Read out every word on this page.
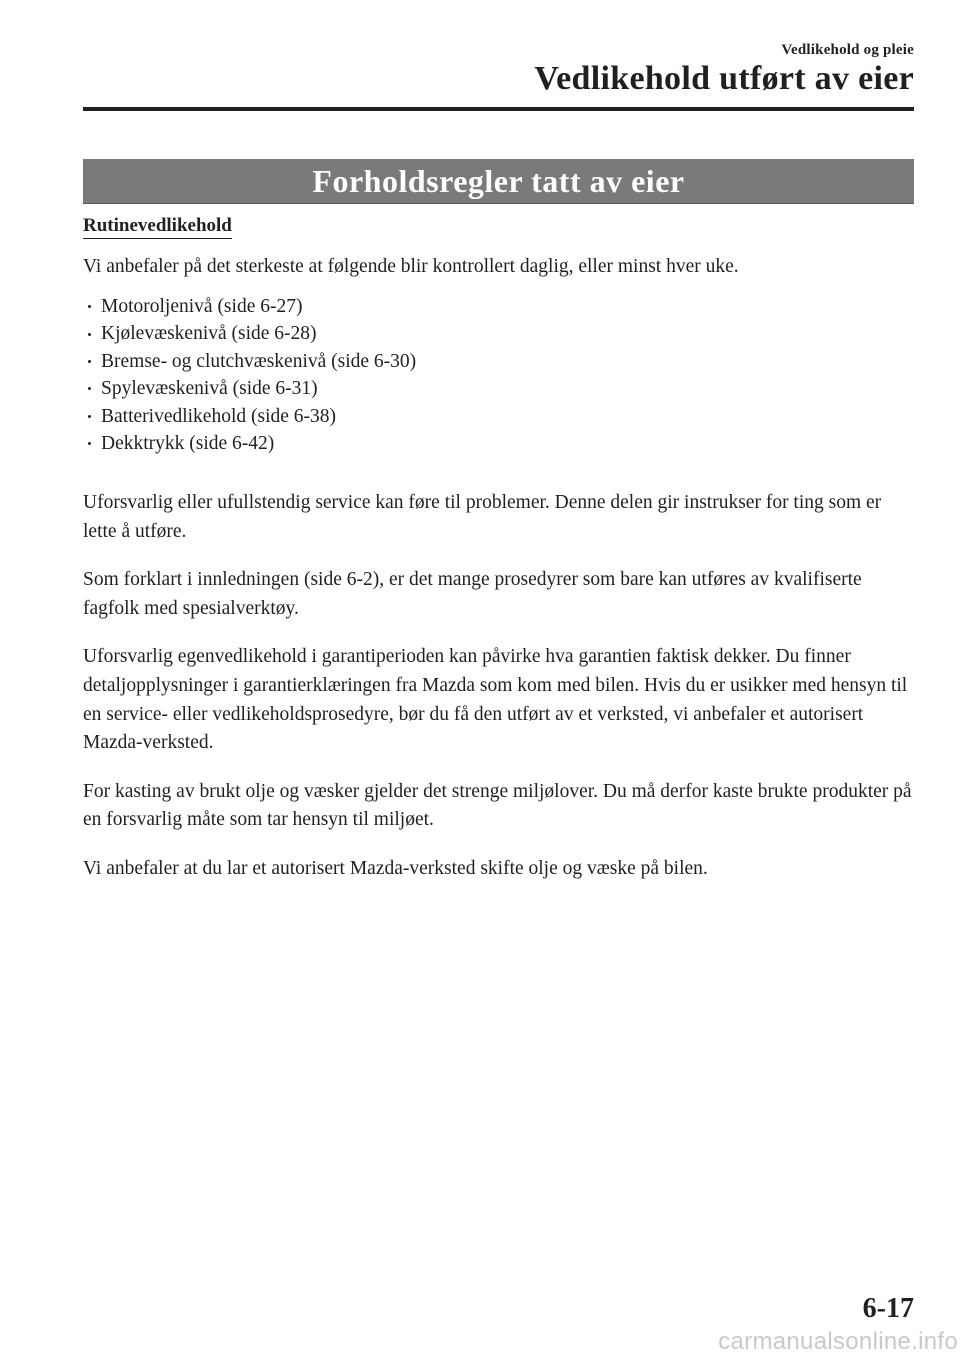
Vedlikehold og pleie
Vedlikehold utført av eier
Forholdsregler tatt av eier
Rutinevedlikehold

Vi anbefaler på det sterkeste at følgende blir kontrollert daglig, eller minst hver uke.

Motoroljenivå (side 6-27)
Kjølevæskenivå (side 6-28)
Bremse- og clutchvæskenivå (side 6-30)
Spylevæskenivå (side 6-31)
Batterivedlikehold (side 6-38)
Dekktrykk (side 6-42)

Uforsvarlig eller ufullstendig service kan føre til problemer. Denne delen gir instrukser for ting som er lette å utføre.

Som forklart i innledningen (side 6-2), er det mange prosedyrer som bare kan utføres av kvalifiserte fagfolk med spesialverktøy.

Uforsvarlig egenvedlikehold i garantiperioden kan påvirke hva garantien faktisk dekker. Du finner detaljopplysninger i garantierklæringen fra Mazda som kom med bilen. Hvis du er usikker med hensyn til en service- eller vedlikeholdsprosedyre, bør du få den utført av et verksted, vi anbefaler et autorisert Mazda-verksted.

For kasting av brukt olje og væsker gjelder det strenge miljølover. Du må derfor kaste brukte produkter på en forsvarlig måte som tar hensyn til miljøet.

Vi anbefaler at du lar et autorisert Mazda-verksted skifte olje og væske på bilen.

6-17
carmanualsonline.info
